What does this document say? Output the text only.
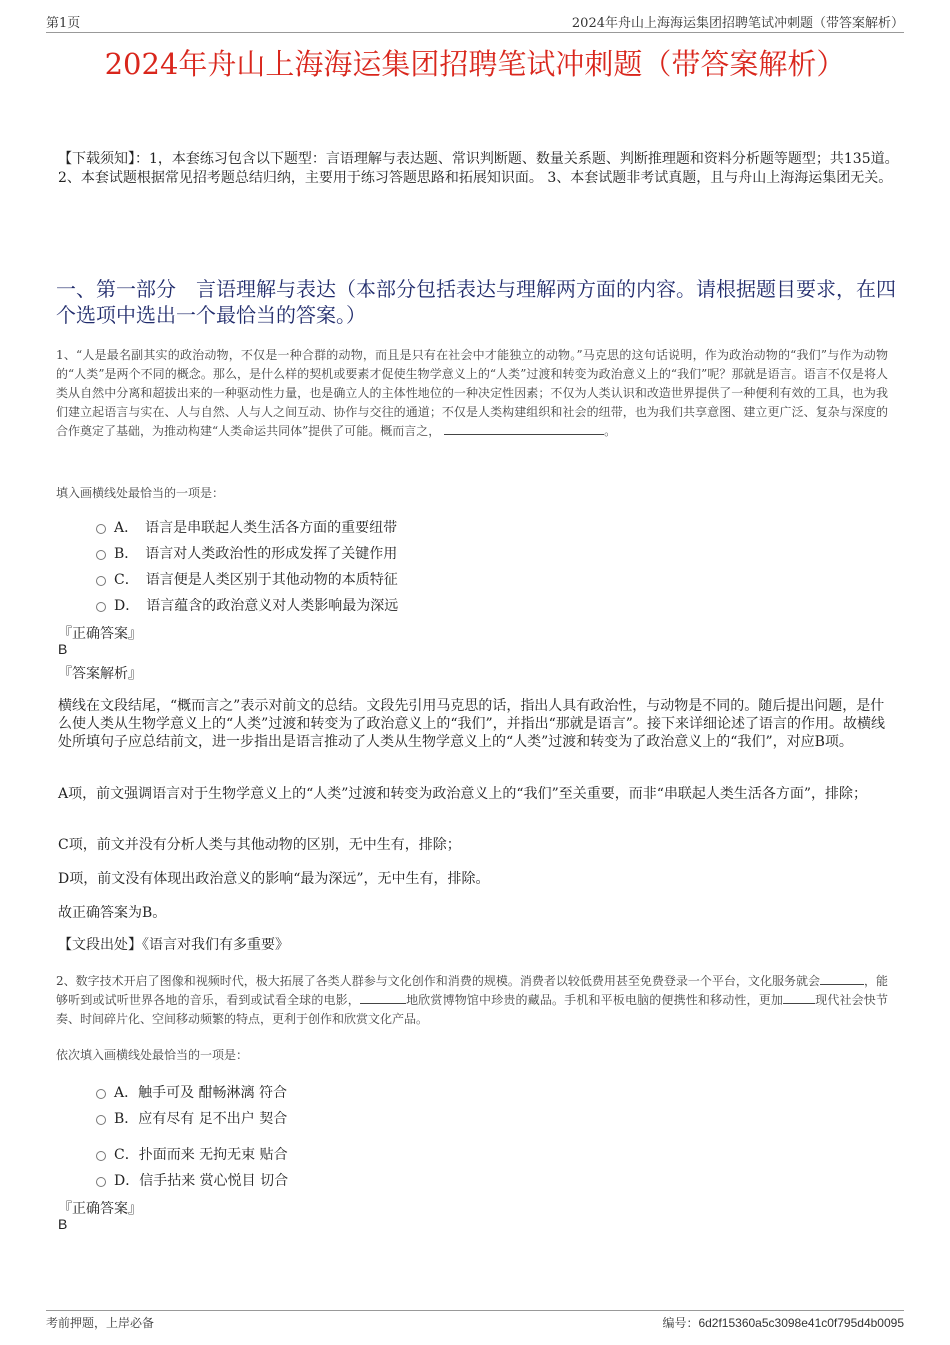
第1页	2024年舟山上海海运集团招聘笔试冲刺题（带答案解析）
2024年舟山上海海运集团招聘笔试冲刺题（带答案解析）
【下载须知】：1，本套练习包含以下题型：言语理解与表达题、常识判断题、数量关系题、判断推理题和资料分析题等题型；共135道。 2、本套试题根据常见招考题总结归纳，主要用于练习答题思路和拓展知识面。 3、本套试题非考试真题，且与舟山上海海运集团无关。
一、第一部分　言语理解与表达（本部分包括表达与理解两方面的内容。请根据题目要求，在四个选项中选出一个最恰当的答案。）
1、“人是最名副其实的政治动物，不仅是一种合群的动物，而且是只有在社会中才能独立的动物。”马克思的这句话说明，作为政治动物的“我们”与作为动物的“人类”是两个不同的概念。那么，是什么样的契机或要素才促使生物学意义上的“人类”过渡和转变为政治意义上的“我们”呢？那就是语言。语言不仅是将人类从自然中分离和超拔出来的一种驱动性力量，也是确立人的主体性地位的一种决定性因素；不仅为人类认识和改造世界提供了一种便利有效的工具，也为我们建立起语言与实在、人与自然、人与人之间互动、协作与交往的通道；不仅是人类构建组织和社会的纽带，也为我们共享意图、建立更广泛、复杂与深度的合作奠定了基础，为推动构建“人类命运共同体”提供了可能。概而言之，	。
填入画横线处最恰当的一项是：
A．　语言是串联起人类生活各方面的重要纽带
B．　语言对人类政治性的形成发挥了关键作用
C．　语言便是人类区别于其他动物的本质特征
D．　语言蕴含的政治意义对人类影响最为深远
『正确答案』
B
『答案解析』
横线在文段结尾，“概而言之”表示对前文的总结。文段先引用马克思的话，指出人具有政治性，与动物是不同的。随后提出问题，是什么使人类从生物学意义上的“人类”过渡和转变为了政治意义上的“我们”，并指出“那就是语言”。接下来详细论述了语言的作用。故横线处所填句子应总结前文，进一步指出是语言推动了人类从生物学意义上的“人类”过渡和转变为了政治意义上的“我们”，对应B项。
A项，前文强调语言对于生物学意义上的“人类”过渡和转变为政治意义上的“我们”至关重要，而非“串联起人类生活各方面”，排除；
C项，前文并没有分析人类与其他动物的区别，无中生有，排除；
D项，前文没有体现出政治意义的影响“最为深远”，无中生有，排除。
故正确答案为B。
【文段出处】《语言对我们有多重要》
2、数字技术开启了图像和视频时代，极大拓展了各类人群参与文化创作和消费的规模。消费者以较低费用甚至免费登录一个平台，文化服务就会	，能够听到或试听世界各地的音乐，看到或试看全球的电影，	地欣赏博物馆中珍贵的藏品。手机和平板电脑的便携性和移动性，更加	现代社会快节奏、时间碎片化、空间移动频繁的特点，更利于创作和欣赏文化产品。
依次填入画横线处最恰当的一项是：
A．触手可及 酣畅淋漓 符合
B．应有尽有 足不出户 契合
C．扑面而来 无拘无束 贴合
D．信手拈来 赏心悦目 切合
『正确答案』
B
考前押题，上岸必备	编号：6d2f15360a5c3098e41c0f795d4b0095
